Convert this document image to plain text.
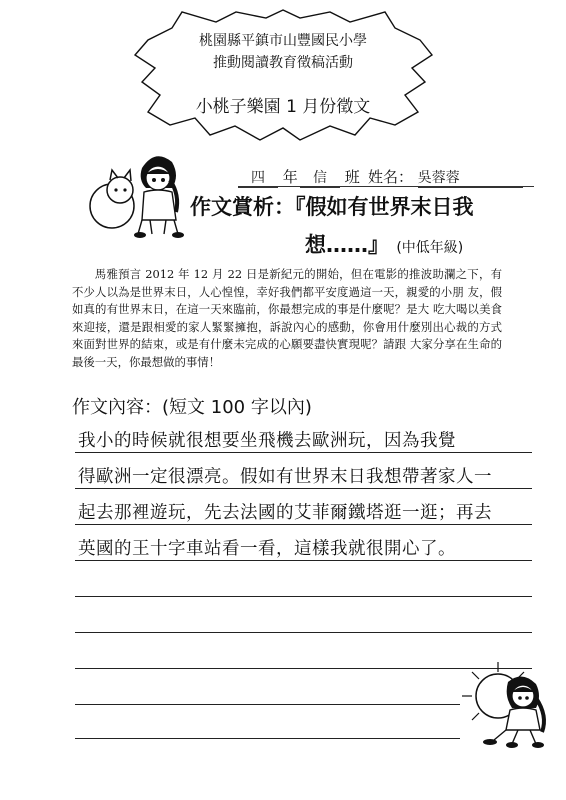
桃園縣平鎮市山豐國民小學
推動閱讀教育徵稿活動
小桃子樂園 1 月份徵文
四 年	信 班 姓名： 吳蓉蓉
作文賞析：『假如有世界末日我
想……』 (中低年級)
馬雅預言 2012 年 12 月 22 日是新紀元的開始，但在電影的推波助瀾之下，有不少人以為是世界末日，人心惶惶，幸好我們都平安度過這一天，親愛的小朋 友，假如真的有世界末日，在這一天來臨前，你最想完成的事是什麼呢？是大 吃大喝以美食來迎接，還是跟相愛的家人緊緊擁抱，訴說內心的感動，你會用什麼別出心裁的方式來面對世界的結束，或是有什麼未完成的心願要盡快實現呢？請跟 大家分享在生命的最後一天，你最想做的事情！
作文內容：(短文 100 字以內)
我小的時候就很想要坐飛機去歐洲玩，因為我覺
得歐洲一定很漂亮。假如有世界末日我想帶著家人一
起去那裡遊玩，先去法國的艾菲爾鐵塔逛一逛；再去
英國的王十字車站看一看，這樣我就很開心了。
